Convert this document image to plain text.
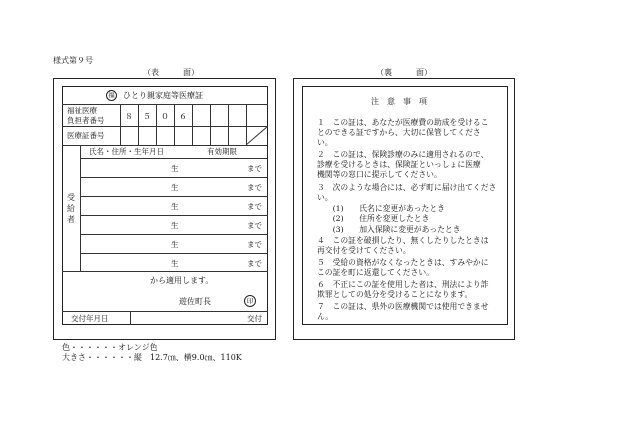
様式第９号
（表　　　面）	（裏　　　面）
福 ひとり親家庭等医療証
福祉医療
負担者番号	８	５	０	６
医療証番号
氏名・住所・生年月日	有効期限
受給者
生	まで
生	まで
生	まで
生	まで
生	まで
生	まで
から適用します。
遊佐町長	印
交付年月日	交付
注　意　事　項
１　この証は、あなたが医療費の助成を受けるこ
とのできる証ですから、大切に保管してくださ
い。
２　この証は、保険診療のみに適用されるので、
診療を受けるときは、保険証といっしょに医療
機関等の窓口に提示してください。
３　次のような場合には、必ず町に届け出てくださ
い。
　　(1)　　氏名に変更があったとき
　　(2)　　住所を変更したとき
　　(3)　　加入保険に変更があったとき
４　この証を破損したり、無くしたりしたときは
再交付を受けてください。
５　受給の資格がなくなったときは、すみやかに
この証を町に返還してください。
６　不正にこの証を使用した者は、刑法により詐
欺罪としての処分を受けることになります。
７　この証は、県外の医療機関では使用できませ
ん。
色・・・・・・オレンジ色
大きさ・・・・・・縦　12.7㎝、横9.0㎝、110K
